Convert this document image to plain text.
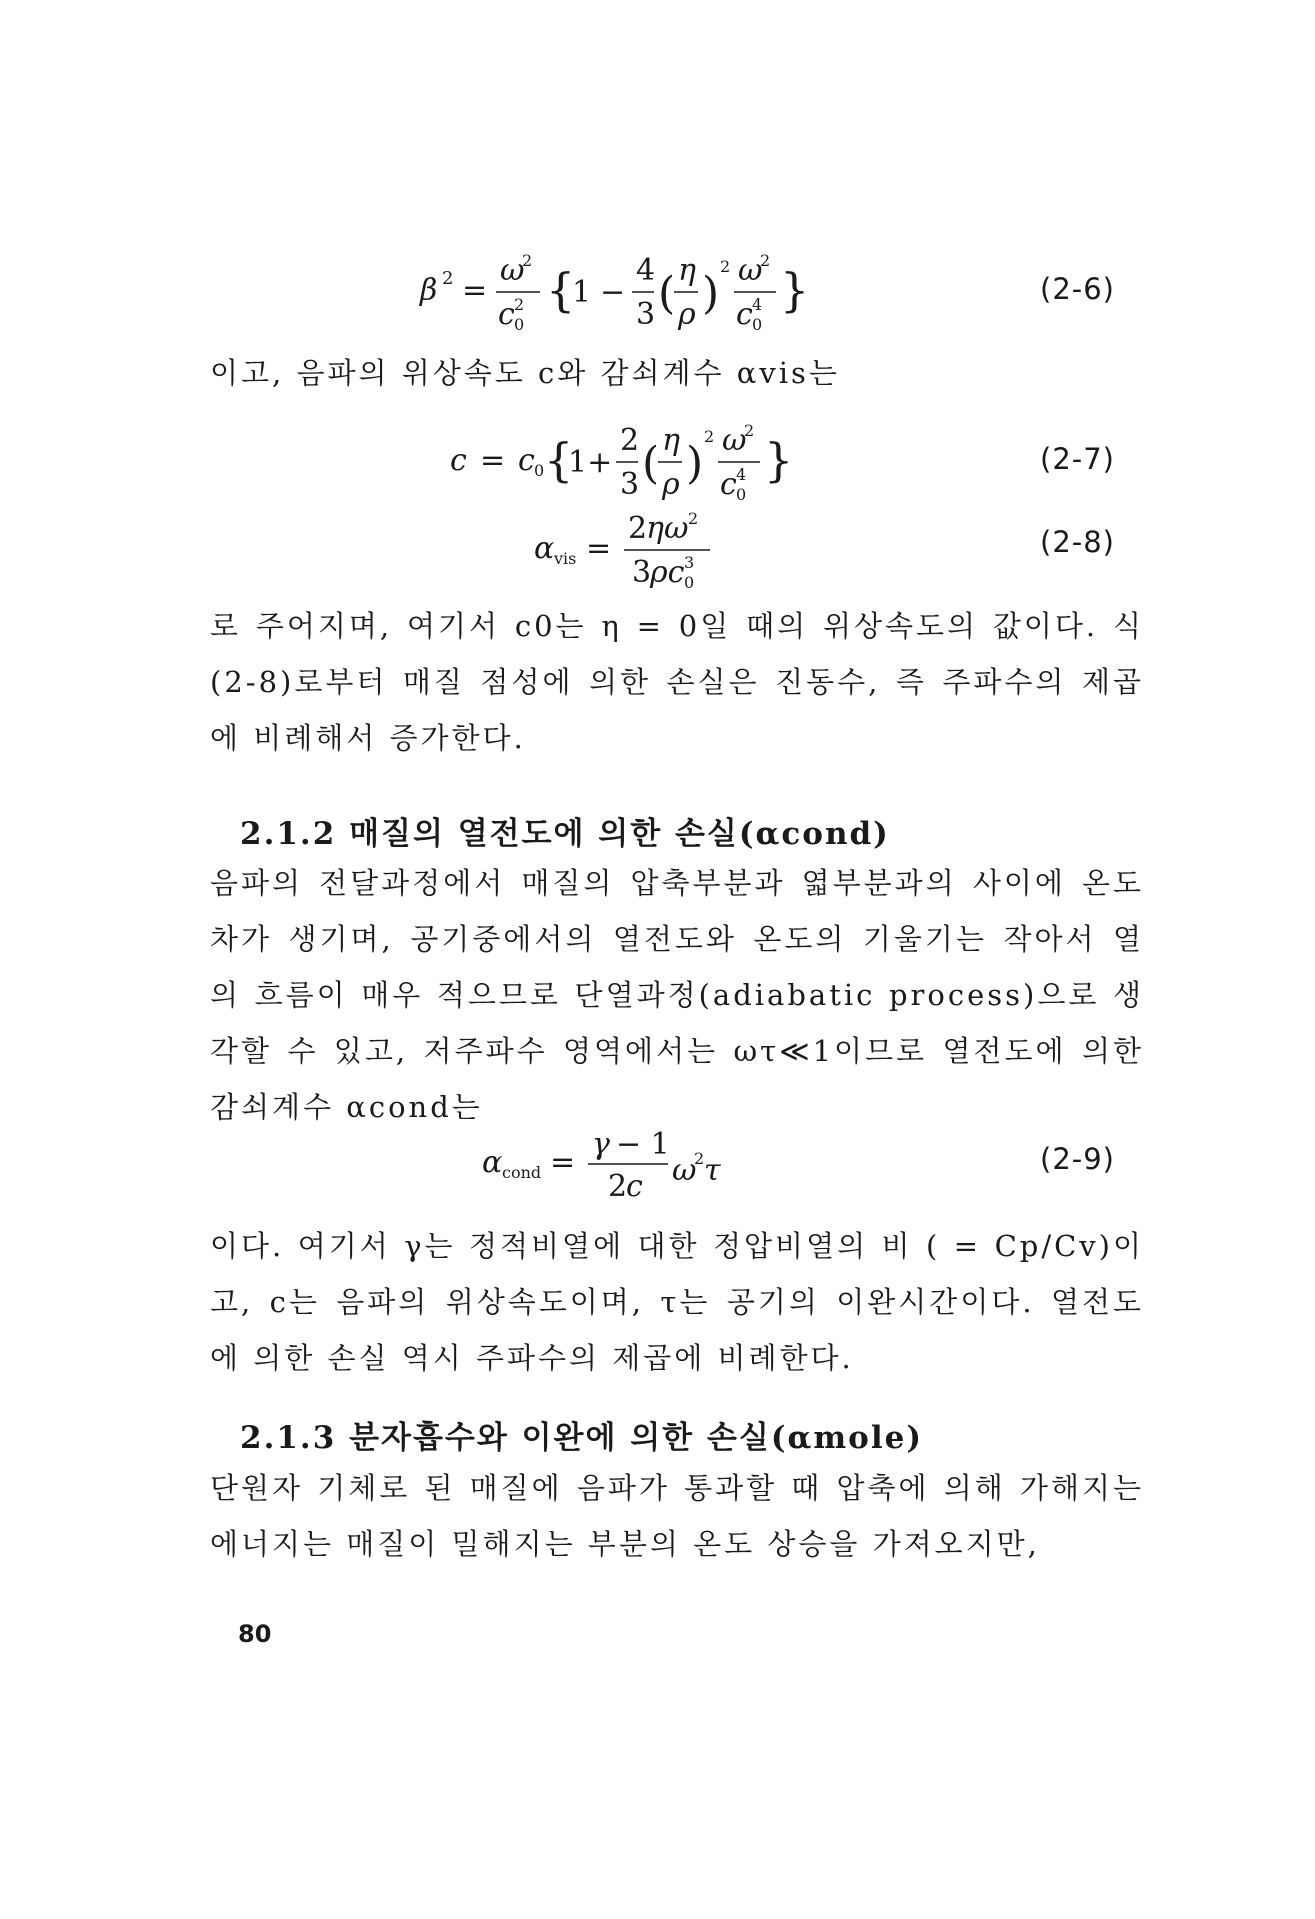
β 2 =
ω
2
c 0
2 {
1 −
4
3 ( η
ρ )
2 ω
2
c 0
4 }	(2-6)

이고, 음파의 위상속도 c와 감쇠계수 αvis는

c = c 0 {
1+
2
3 ( η
ρ )
2 ω
2
c 0
4 }	(2-7)
α vis =
2
ηω 2
3
ρc 0
3
(2-8)

로 주어지며, 여기서 c0는 η = 0일 때의 위상속도의 값이다. 식(2-8)로부터 매질 점성에 의한 손실은 진동수, 즉 주파수의 제곱에 비례해서 증가한다.

2.1.2 매질의 열전도에 의한 손실(αcond)

음파의 전달과정에서 매질의 압축부분과 엷부분과의 사이에 온도차가 생기며, 공기중에서의 열전도와 온도의 기울기는 작아서 열의 흐름이 매우 적으므로 단열과정(adiabatic process)으로 생각할 수 있고, 저주파수 영역에서는 ωτ≪1이므로 열전도에 의한 감쇠계수 αcond는

α cond =
γ − 1
2
c ω
2 τ	(2-9)

이다. 여기서 γ는 정적비열에 대한 정압비열의 비 ( = Cp/Cv)이고, c는 음파의 위상속도이며, τ는 공기의 이완시간이다. 열전도에 의한 손실 역시 주파수의 제곱에 비례한다.

2.1.3 분자흡수와 이완에 의한 손실(αmole)

단원자 기체로 된 매질에 음파가 통과할 때 압축에 의해 가해지는 에너지는 매질이 밀해지는 부분의 온도 상승을 가져오지만,

80
